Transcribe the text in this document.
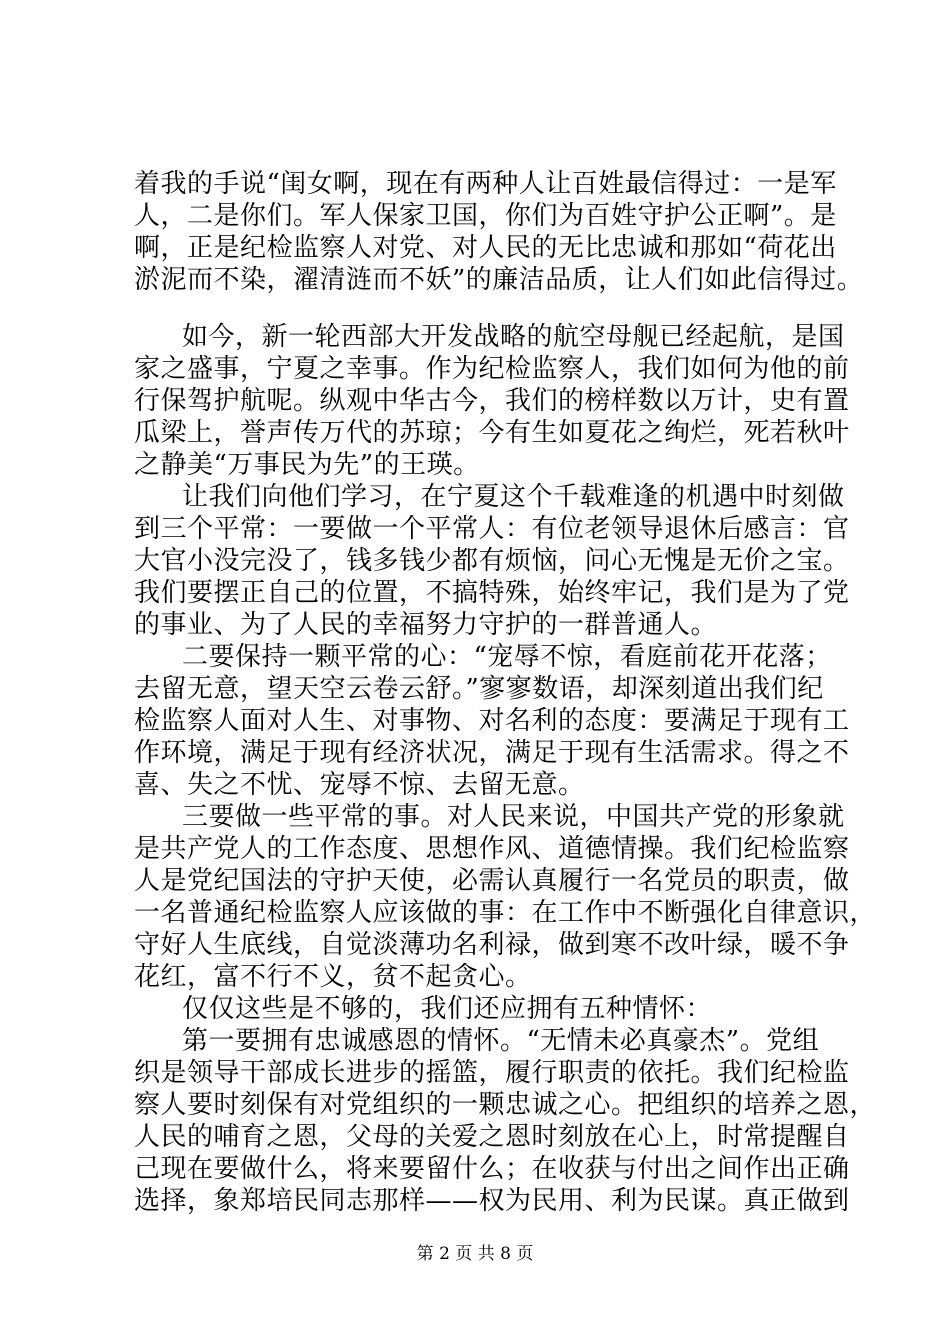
着我的手说“闺女啊，现在有两种人让百姓最信得过：一是军
人，二是你们。军人保家卫国，你们为百姓守护公正啊”。是
啊，正是纪检监察人对党、对人民的无比忠诚和那如“荷花出
淤泥而不染，濯清涟而不妖”的廉洁品质，让人们如此信得过。
如今，新一轮西部大开发战略的航空母舰已经起航，是国
家之盛事，宁夏之幸事。作为纪检监察人，我们如何为他的前
行保驾护航呢。纵观中华古今，我们的榜样数以万计，史有置
瓜梁上，誉声传万代的苏琼；今有生如夏花之绚烂，死若秋叶
之静美“万事民为先”的王瑛。
让我们向他们学习，在宁夏这个千载难逢的机遇中时刻做
到三个平常：一要做一个平常人：有位老领导退休后感言：官
大官小没完没了，钱多钱少都有烦恼，问心无愧是无价之宝。
我们要摆正自己的位置，不搞特殊，始终牢记，我们是为了党
的事业、为了人民的幸福努力守护的一群普通人。
二要保持一颗平常的心：“宠辱不惊，看庭前花开花落；
去留无意，望天空云卷云舒。”寥寥数语，却深刻道出我们纪
检监察人面对人生、对事物、对名利的态度：要满足于现有工
作环境，满足于现有经济状况，满足于现有生活需求。得之不
喜、失之不忧、宠辱不惊、去留无意。
三要做一些平常的事。对人民来说，中国共产党的形象就
是共产党人的工作态度、思想作风、道德情操。我们纪检监察
人是党纪国法的守护天使，必需认真履行一名党员的职责，做
一名普通纪检监察人应该做的事：在工作中不断强化自律意识，
守好人生底线，自觉淡薄功名利禄，做到寒不改叶绿，暖不争
花红，富不行不义，贫不起贪心。
仅仅这些是不够的，我们还应拥有五种情怀：
第一要拥有忠诚感恩的情怀。“无情未必真豪杰”。党组
织是领导干部成长进步的摇篮，履行职责的依托。我们纪检监
察人要时刻保有对党组织的一颗忠诚之心。把组织的培养之恩，
人民的哺育之恩，父母的关爱之恩时刻放在心上，时常提醒自
己现在要做什么，将来要留什么；在收获与付出之间作出正确
选择，象郑培民同志那样——权为民用、利为民谋。真正做到
第 2 页 共 8 页
